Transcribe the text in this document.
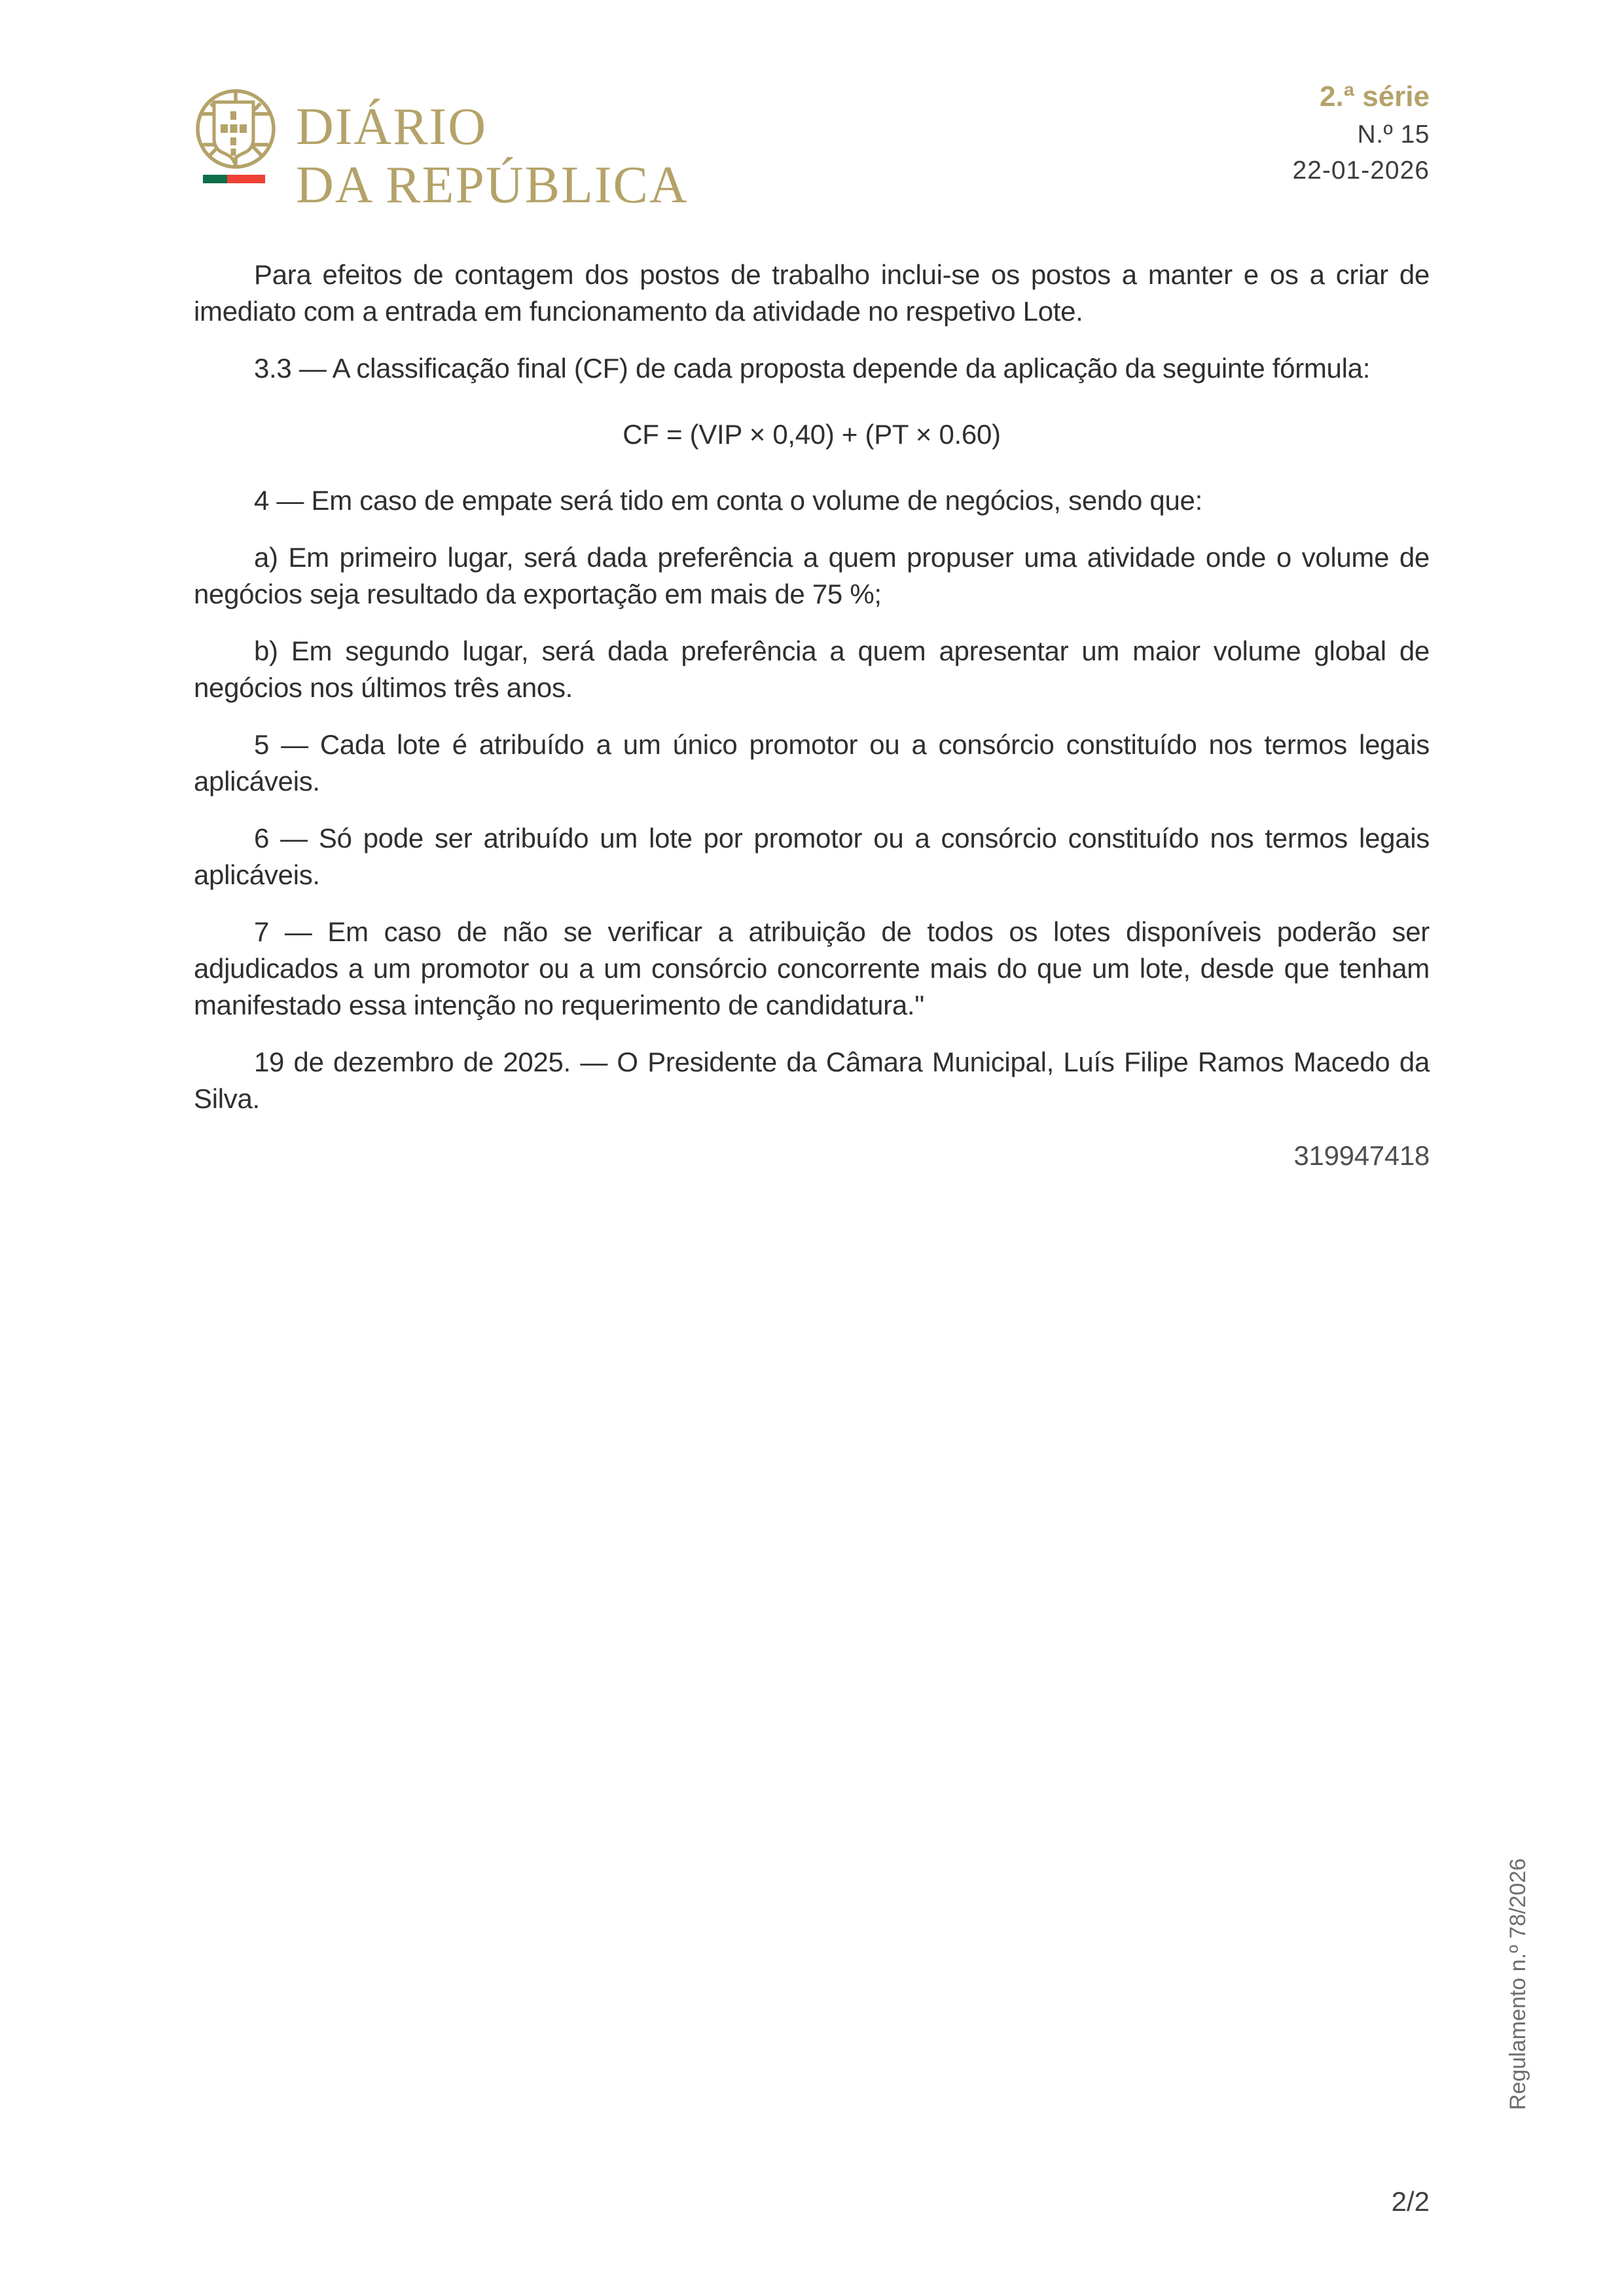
DIÁRIO
DA REPÚBLICA
2.ª série
N.º 15
22-01-2026

Para efeitos de contagem dos postos de trabalho inclui-se os postos a manter e os a criar de imediato com a entrada em funcionamento da atividade no respetivo Lote.

3.3 — A classificação final (CF) de cada proposta depende da aplicação da seguinte fórmula:

CF = (VIP × 0,40) + (PT × 0.60)

4 — Em caso de empate será tido em conta o volume de negócios, sendo que:

a) Em primeiro lugar, será dada preferência a quem propuser uma atividade onde o volume de negócios seja resultado da exportação em mais de 75 %;

b) Em segundo lugar, será dada preferência a quem apresentar um maior volume global de negócios nos últimos três anos.

5 — Cada lote é atribuído a um único promotor ou a consórcio constituído nos termos legais aplicáveis.

6 — Só pode ser atribuído um lote por promotor ou a consórcio constituído nos termos legais aplicáveis.

7 — Em caso de não se verificar a atribuição de todos os lotes disponíveis poderão ser adjudicados a um promotor ou a um consórcio concorrente mais do que um lote, desde que tenham manifestado essa intenção no requerimento de candidatura."

19 de dezembro de 2025. — O Presidente da Câmara Municipal, Luís Filipe Ramos Macedo da Silva.

319947418

Regulamento n.º 78/2026
2/2
